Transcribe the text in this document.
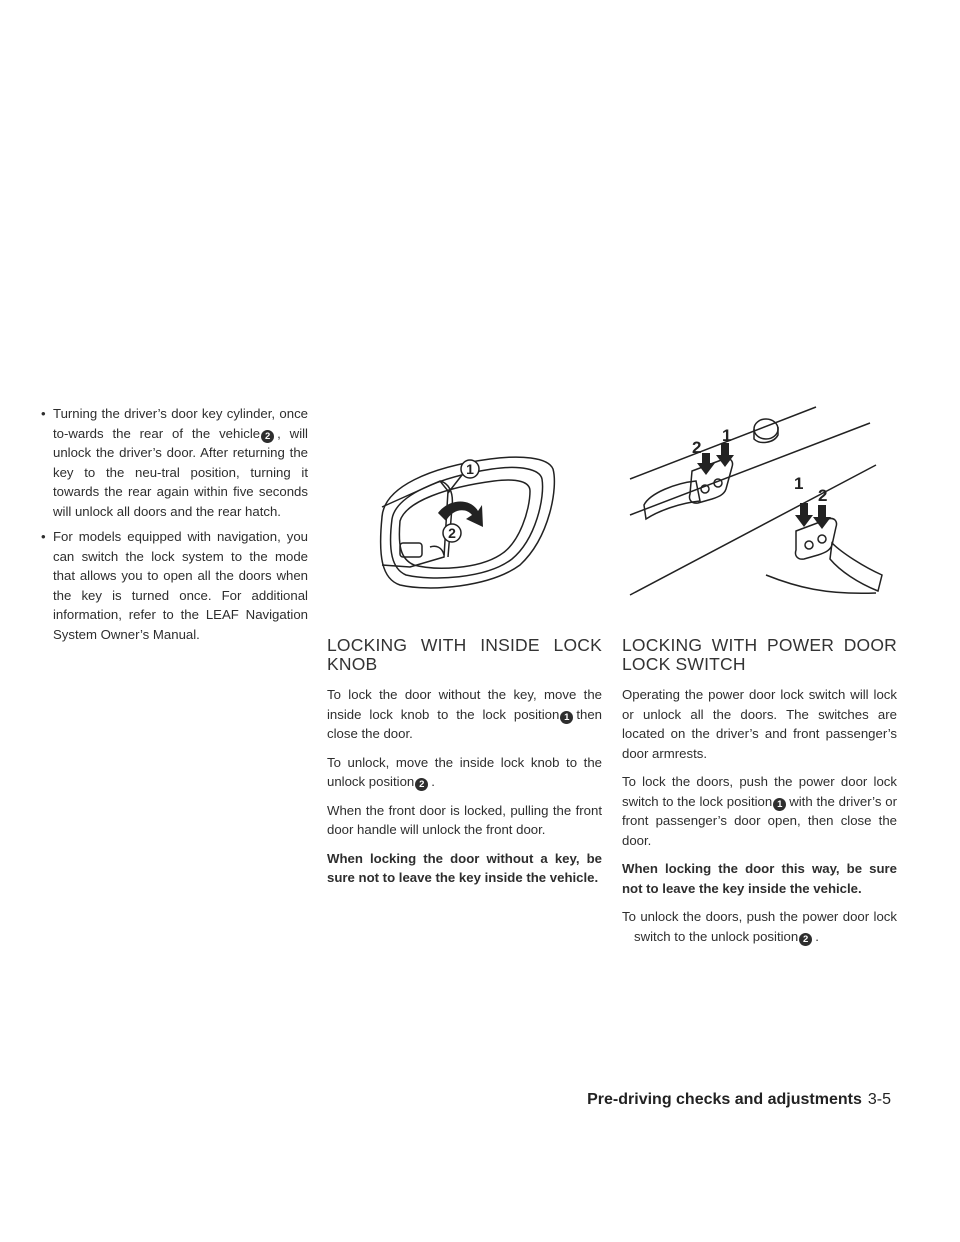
• Turning the driver’s door key cylinder, once to-wards the rear of the vehicle 2 , will unlock the driver’s door. After returning the key to the neu-tral position, turning it towards the rear again within five seconds will unlock all doors and the rear hatch.
• For models equipped with navigation, you can switch the lock system to the mode that allows you to open all the doors when the key is turned once. For additional information, refer to the LEAF Navigation System Owner’s Manual.
1
2
2
1
1
2
LOCKING WITH INSIDE LOCK KNOB

To lock the door without the key, move the inside lock knob to the lock position 1 then close the door.

To unlock, move the inside lock knob to the unlock position 2 .

When the front door is locked, pulling the front door handle will unlock the front door.

When locking the door without a key, be sure not to leave the key inside the vehicle.

LOCKING WITH POWER DOOR LOCK SWITCH

Operating the power door lock switch will lock or unlock all the doors. The switches are located on the driver’s and front passenger’s door armrests.

To lock the doors, push the power door lock switch to the lock position 1 with the driver’s or front passenger’s door open, then close the door.

When locking the door this way, be sure not to leave the key inside the vehicle.

To unlock the doors, push the power door lock switch to the unlock position 2 .

Pre-driving checks and adjustments 3-5
